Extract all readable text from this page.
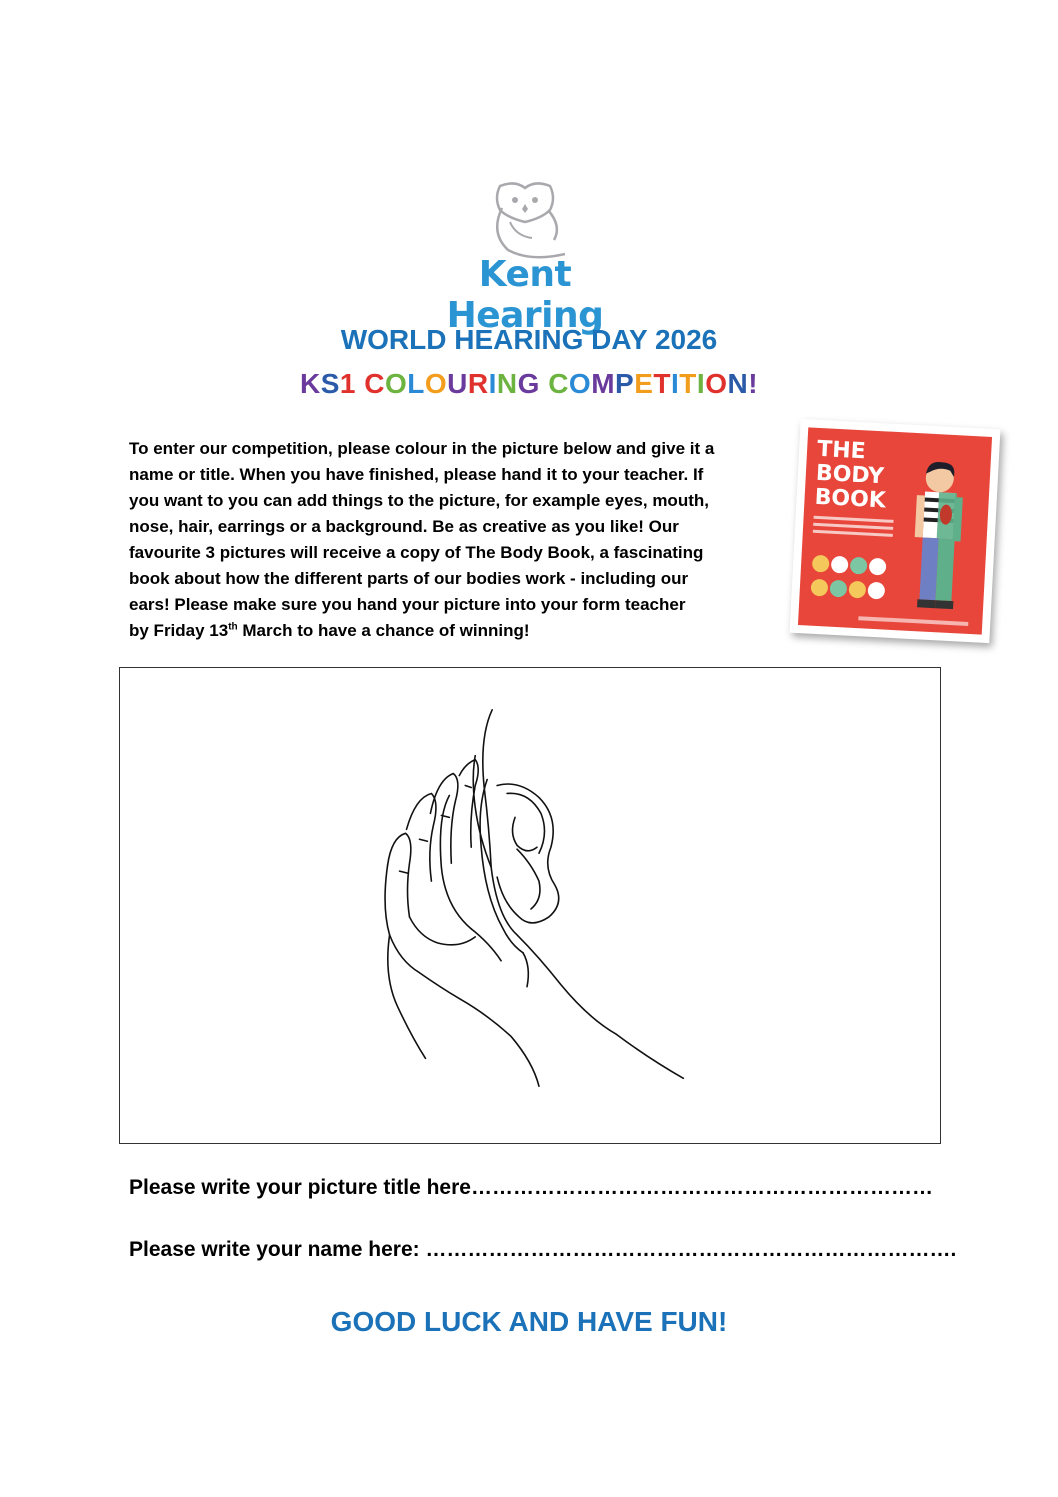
Kent Hearing
WORLD HEARING DAY 2026
KS1 COLOURING COMPETITION!
To enter our competition, please colour in the picture below and give it a
name or title. When you have finished, please hand it to your teacher. If
you want to you can add things to the picture, for example eyes, mouth,
nose, hair, earrings or a background. Be as creative as you like! Our
favourite 3 pictures will receive a copy of The Body Book, a fascinating
book about how the different parts of our bodies work - including our
ears! Please make sure you hand your picture into your form teacher
by Friday 13th March to have a chance of winning!
THE
BODY
BOOK
Please write your picture title here…………………………………………………………
Please write your name here: ………………………………………………………………….
GOOD LUCK AND HAVE FUN!
